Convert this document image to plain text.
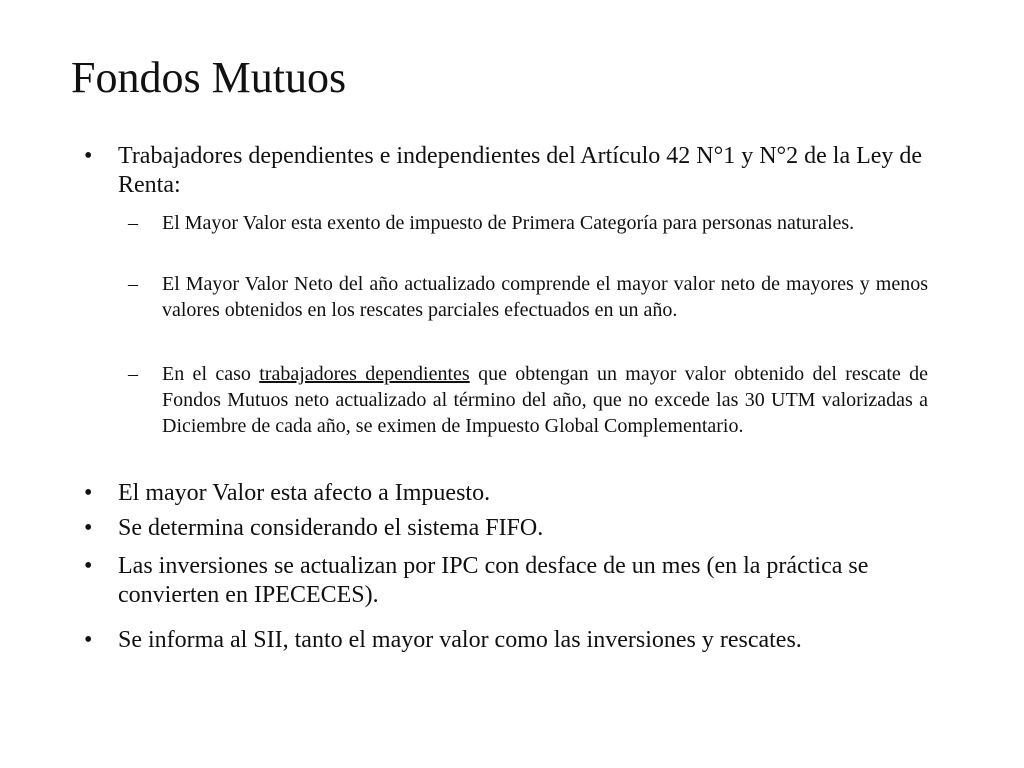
Fondos Mutuos
• Trabajadores dependientes e independientes del Artículo 42 N°1 y N°2 de la Ley de Renta:
– El Mayor Valor esta exento de impuesto de Primera Categoría para personas naturales.
– El Mayor Valor Neto del año actualizado comprende el mayor valor neto de mayores y menos valores obtenidos en los rescates parciales efectuados en un año.
– En el caso trabajadores dependientes que obtengan un mayor valor obtenido del rescate de Fondos Mutuos neto actualizado al término del año, que no excede las 30 UTM valorizadas a Diciembre de cada año, se eximen de Impuesto Global Complementario.
• El mayor Valor esta afecto a Impuesto.
• Se determina considerando el sistema FIFO.
• Las inversiones se actualizan por IPC con desface de un mes (en la práctica se convierten en IPECECES).
• Se informa al SII, tanto el mayor valor como las inversiones y rescates.
